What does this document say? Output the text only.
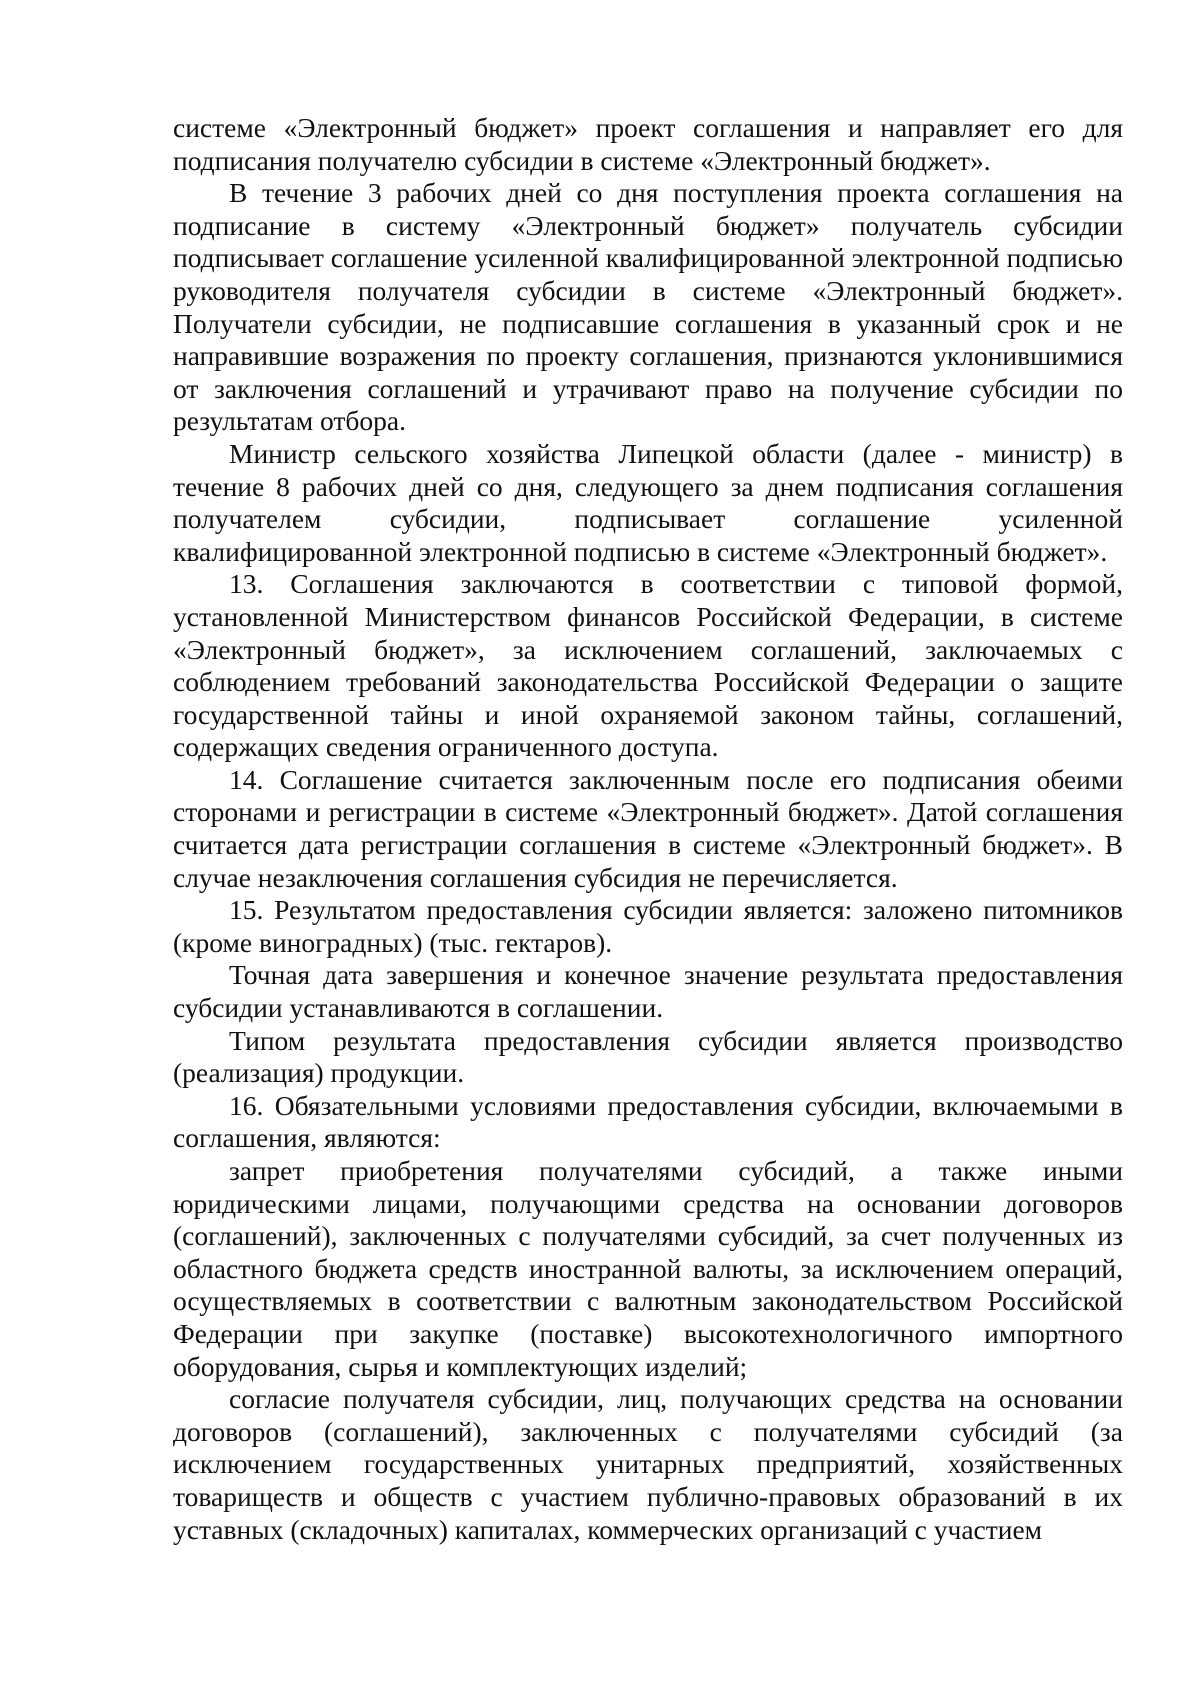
системе «Электронный бюджет» проект соглашения и направляет его для подписания получателю субсидии в системе «Электронный бюджет».

В течение 3 рабочих дней со дня поступления проекта соглашения на подписание в систему «Электронный бюджет» получатель субсидии подписывает соглашение усиленной квалифицированной электронной подписью руководителя получателя субсидии в системе «Электронный бюджет». Получатели субсидии, не подписавшие соглашения в указанный срок и не направившие возражения по проекту соглашения, признаются уклонившимися от заключения соглашений и утрачивают право на получение субсидии по результатам отбора.

Министр сельского хозяйства Липецкой области (далее - министр) в течение 8 рабочих дней со дня, следующего за днем подписания соглашения получателем субсидии, подписывает соглашение усиленной квалифицированной электронной подписью в системе «Электронный бюджет».

13. Соглашения заключаются в соответствии с типовой формой, установленной Министерством финансов Российской Федерации, в системе «Электронный бюджет», за исключением соглашений, заключаемых с соблюдением требований законодательства Российской Федерации о защите государственной тайны и иной охраняемой законом тайны, соглашений, содержащих сведения ограниченного доступа.

14. Соглашение считается заключенным после его подписания обеими сторонами и регистрации в системе «Электронный бюджет». Датой соглашения считается дата регистрации соглашения в системе «Электронный бюджет». В случае незаключения соглашения субсидия не перечисляется.

15. Результатом предоставления субсидии является: заложено питомников (кроме виноградных) (тыс. гектаров).

Точная дата завершения и конечное значение результата предоставления субсидии устанавливаются в соглашении.

Типом результата предоставления субсидии является производство (реализация) продукции.

16. Обязательными условиями предоставления субсидии, включаемыми в соглашения, являются:

запрет приобретения получателями субсидий, а также иными юридическими лицами, получающими средства на основании договоров (соглашений), заключенных с получателями субсидий, за счет полученных из областного бюджета средств иностранной валюты, за исключением операций, осуществляемых в соответствии с валютным законодательством Российской Федерации при закупке (поставке) высокотехнологичного импортного оборудования, сырья и комплектующих изделий;

согласие получателя субсидии, лиц, получающих средства на основании договоров (соглашений), заключенных с получателями субсидий (за исключением государственных унитарных предприятий, хозяйственных товариществ и обществ с участием публично-правовых образований в их уставных (складочных) капиталах, коммерческих организаций с участием
